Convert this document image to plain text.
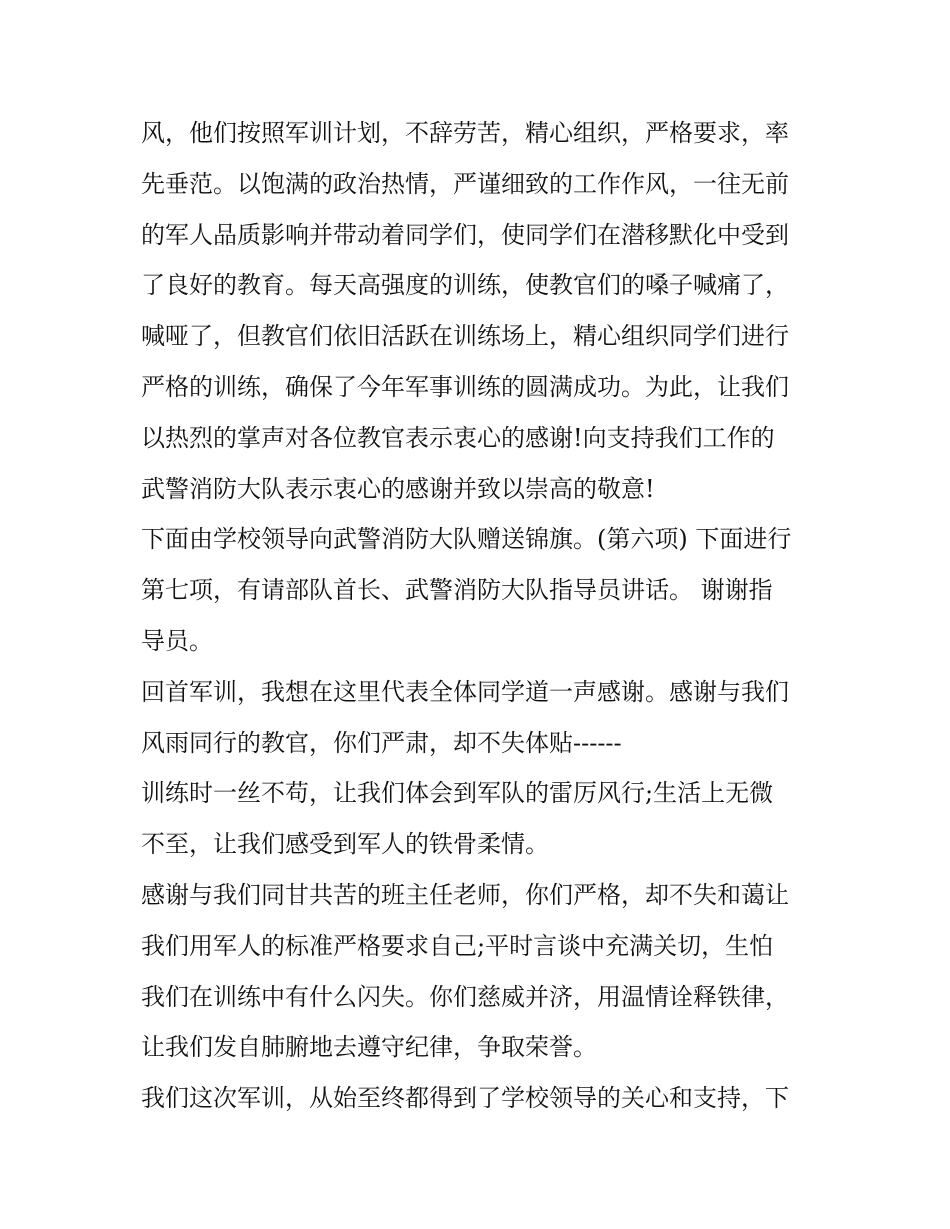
风，他们按照军训计划，不辞劳苦，精心组织，严格要求，率
先垂范。以饱满的政治热情，严谨细致的工作作风，一往无前
的军人品质影响并带动着同学们，使同学们在潜移默化中受到
了良好的教育。每天高强度的训练，使教官们的嗓子喊痛了，
喊哑了，但教官们依旧活跃在训练场上，精心组织同学们进行
严格的训练，确保了今年军事训练的圆满成功。为此，让我们
以热烈的掌声对各位教官表示衷心的感谢!向支持我们工作的
武警消防大队表示衷心的感谢并致以崇高的敬意!
下面由学校领导向武警消防大队赠送锦旗。(第六项) 下面进行
第七项，有请部队首长、武警消防大队指导员讲话。 谢谢指
导员。
回首军训，我想在这里代表全体同学道一声感谢。感谢与我们
风雨同行的教官，你们严肃，却不失体贴------
训练时一丝不苟，让我们体会到军队的雷厉风行;生活上无微
不至，让我们感受到军人的铁骨柔情。
感谢与我们同甘共苦的班主任老师，你们严格，却不失和蔼让
我们用军人的标准严格要求自己;平时言谈中充满关切，生怕
我们在训练中有什么闪失。你们慈威并济，用温情诠释铁律，
让我们发自肺腑地去遵守纪律，争取荣誉。
我们这次军训，从始至终都得到了学校领导的关心和支持，下
